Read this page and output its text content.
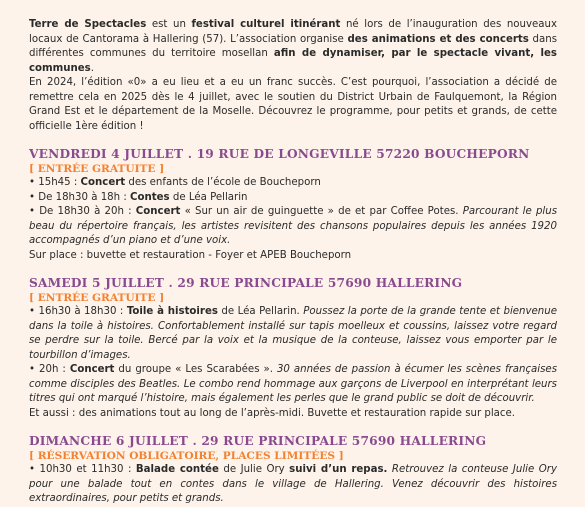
Terre de Spectacles est un festival culturel itinérant né lors de l’inauguration des nouveaux locaux de Cantorama à Hallering (57). L’association organise des animations et des concerts dans différentes communes du territoire mosellan afin de dynamiser, par le spectacle vivant, les communes.

En 2024, l’édition «0» a eu lieu et a eu un franc succès. C’est pourquoi, l’association a décidé de remettre cela en 2025 dès le 4 juillet, avec le soutien du District Urbain de Faulquemont, la Région Grand Est et le département de la Moselle. Découvrez le programme, pour petits et grands, de cette officielle 1ère édition !

VENDREDI 4 JUILLET . 19 RUE DE LONGEVILLE 57220 BOUCHEPORN
[ ENTRÉE GRATUITE ]

• 15h45 : Concert des enfants de l’école de Boucheporn

• De 18h30 à 18h : Contes de Léa Pellarin

• De 18h30 à 20h : Concert « Sur un air de guinguette » de et par Coffee Potes. Parcourant le plus beau du répertoire français, les artistes revisitent des chansons populaires depuis les années 1920 accompagnés d’un piano et d’une voix.

Sur place : buvette et restauration - Foyer et APEB Boucheporn

SAMEDI 5 JUILLET . 29 RUE PRINCIPALE 57690 HALLERING
[ ENTRÉE GRATUITE ]

• 16h30 à 18h30 : Toile à histoires de Léa Pellarin. Poussez la porte de la grande tente et bienvenue dans la toile à histoires. Confortablement installé sur tapis moelleux et coussins, laissez votre regard se perdre sur la toile. Bercé par la voix et la musique de la conteuse, laissez vous emporter par le tourbillon d’images.

• 20h : Concert du groupe « Les Scarabées ». 30 années de passion à écumer les scènes françaises comme disciples des Beatles. Le combo rend hommage aux garçons de Liverpool en interprétant leurs titres qui ont marqué l’histoire, mais également les perles que le grand public se doit de découvrir.

Et aussi : des animations tout au long de l’après-midi. Buvette et restauration rapide sur place.

DIMANCHE 6 JUILLET . 29 RUE PRINCIPALE 57690 HALLERING
[ RÉSERVATION OBLIGATOIRE, PLACES LIMITÉES ]

• 10h30 et 11h30 : Balade contée de Julie Ory suivi d’un repas. Retrouvez la conteuse Julie Ory pour une balade tout en contes dans le village de Hallering. Venez découvrir des histoires extraordinaires, pour petits et grands.
